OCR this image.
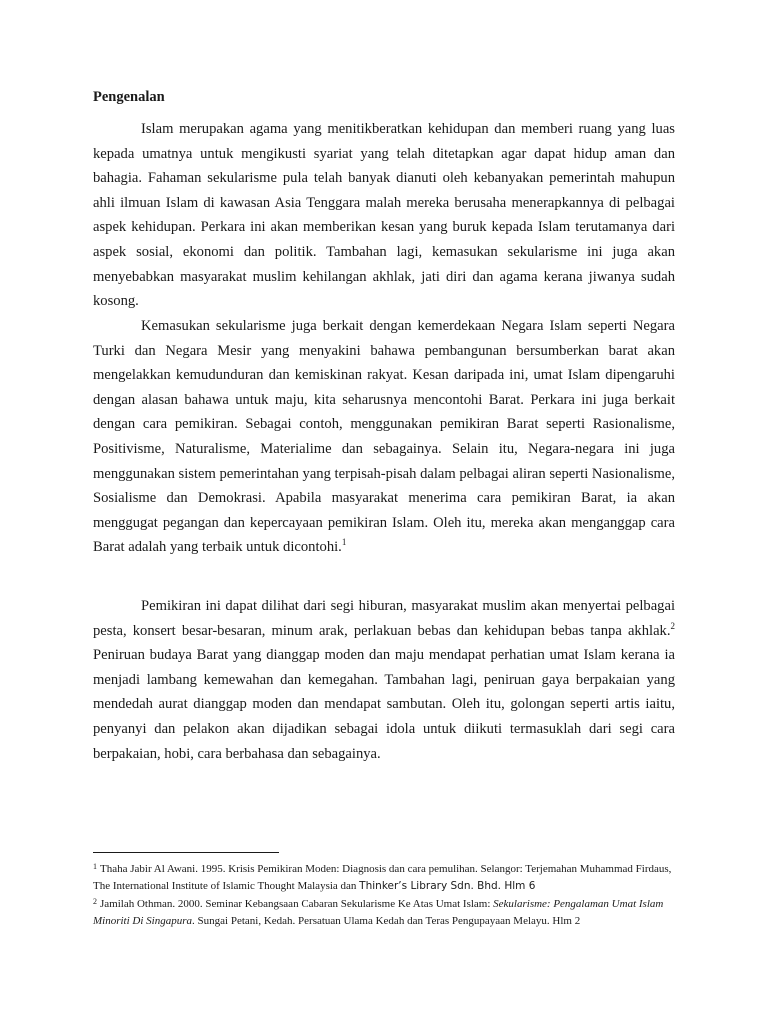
Pengenalan

Islam merupakan agama yang menitikberatkan kehidupan dan memberi ruang yang luas kepada umatnya untuk mengikusti syariat yang telah ditetapkan agar dapat hidup aman dan bahagia. Fahaman sekularisme pula telah banyak dianuti oleh kebanyakan pemerintah mahupun ahli ilmuan Islam di kawasan Asia Tenggara malah mereka berusaha menerapkannya di pelbagai aspek kehidupan. Perkara ini akan memberikan kesan yang buruk kepada Islam terutamanya dari aspek sosial, ekonomi dan politik. Tambahan lagi, kemasukan sekularisme ini juga akan menyebabkan masyarakat muslim kehilangan akhlak, jati diri dan agama kerana jiwanya sudah kosong.

Kemasukan sekularisme juga berkait dengan kemerdekaan Negara Islam seperti Negara Turki dan Negara Mesir yang menyakini bahawa pembangunan bersumberkan barat akan mengelakkan kemudunduran dan kemiskinan rakyat. Kesan daripada ini, umat Islam dipengaruhi dengan alasan bahawa untuk maju, kita seharusnya mencontohi Barat. Perkara ini juga berkait dengan cara pemikiran. Sebagai contoh, menggunakan pemikiran Barat seperti Rasionalisme, Positivisme, Naturalisme, Materialime dan sebagainya. Selain itu, Negara-negara ini juga menggunakan sistem pemerintahan yang terpisah-pisah dalam pelbagai aliran seperti Nasionalisme, Sosialisme dan Demokrasi. Apabila masyarakat menerima cara pemikiran Barat, ia akan menggugat pegangan dan kepercayaan pemikiran Islam. Oleh itu, mereka akan menganggap cara Barat adalah yang terbaik untuk dicontohi.$^1$

Pemikiran ini dapat dilihat dari segi hiburan, masyarakat muslim akan menyertai pelbagai pesta, konsert besar-besaran, minum arak, perlakuan bebas dan kehidupan bebas tanpa akhlak.$^2$ Peniruan budaya Barat yang dianggap moden dan maju mendapat perhatian umat Islam kerana ia menjadi lambang kemewahan dan kemegahan. Tambahan lagi, peniruan gaya berpakaian yang mendedah aurat dianggap moden dan mendapat sambutan. Oleh itu, golongan seperti artis iaitu, penyanyi dan pelakon akan dijadikan sebagai idola untuk diikuti termasuklah dari segi cara berpakaian, hobi, cara berbahasa dan sebagainya.

$^1$ Thaha Jabir Al Awani. 1995. Krisis Pemikiran Moden: Diagnosis dan cara pemulihan. Selangor: Terjemahan Muhammad Firdaus, The International Institute of Islamic Thought Malaysia dan Thinker’s Library Sdn. Bhd. Hlm 6

$^2$ Jamilah Othman. 2000. Seminar Kebangsaan Cabaran Sekularisme Ke Atas Umat Islam: Sekularisme: Pengalaman Umat Islam Minoriti Di Singapura. Sungai Petani, Kedah. Persatuan Ulama Kedah dan Teras Pengupayaan Melayu. Hlm 2
